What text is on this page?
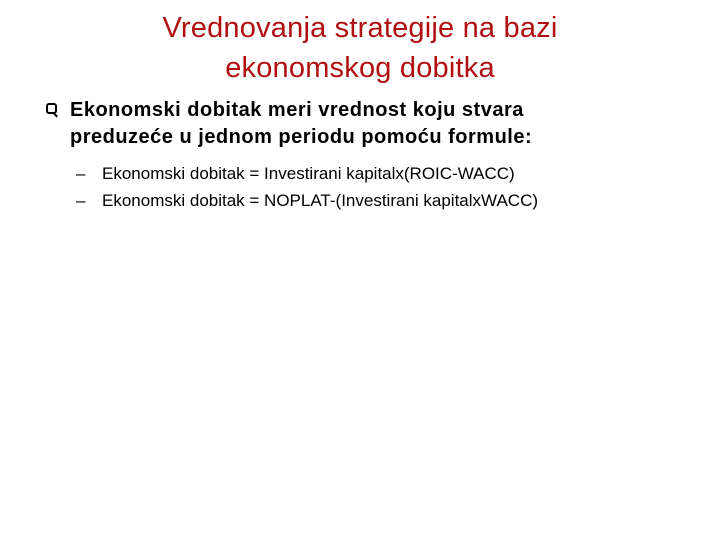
Vrednovanja strategije na bazi
ekonomskog dobitka
Ekonomski dobitak meri vrednost koju stvara
preduzeće u jednom periodu pomoću formule:
– Ekonomski dobitak = Investirani kapitalx(ROIC-WACC)
– Ekonomski dobitak = NOPLAT-(Investirani kapitalxWACC)
